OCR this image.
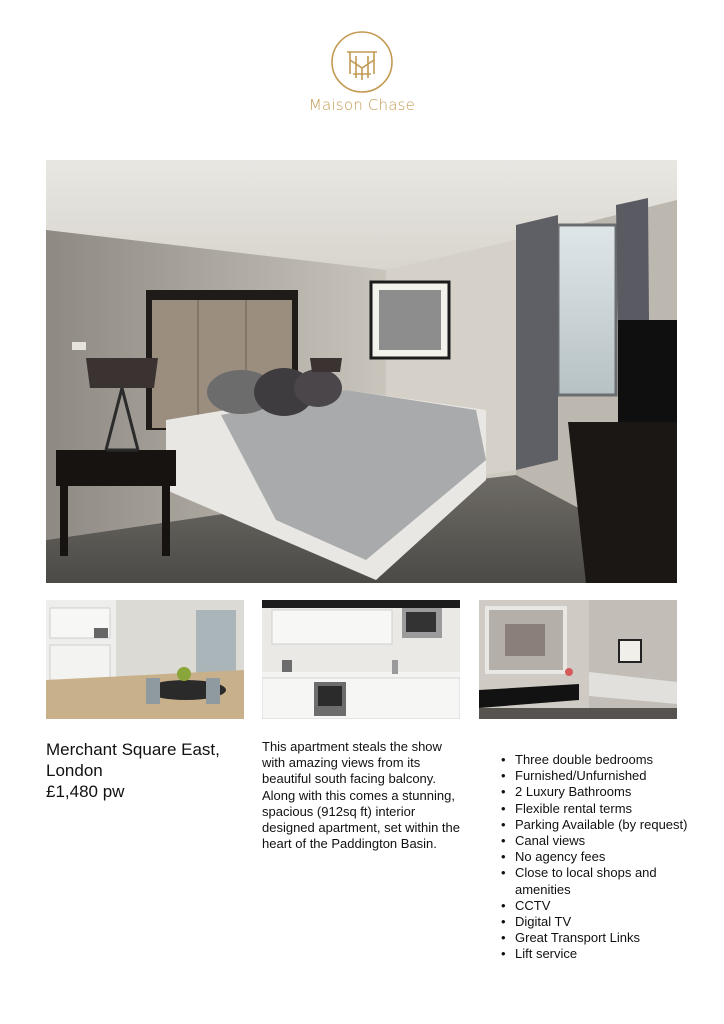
Maison Chase
Merchant Square East,
London
£1,480 pw
This apartment steals the show with amazing views from its beautiful south facing balcony. Along with this comes a stunning, spacious (912sq ft) interior designed apartment, set within the heart of the Paddington Basin.
• Three double bedrooms
• Furnished/Unfurnished
• 2 Luxury Bathrooms
• Flexible rental terms
• Parking Available (by request)
• Canal views
• No agency fees
• Close to local shops and amenities
• CCTV
• Digital TV
• Great Transport Links
• Lift service
